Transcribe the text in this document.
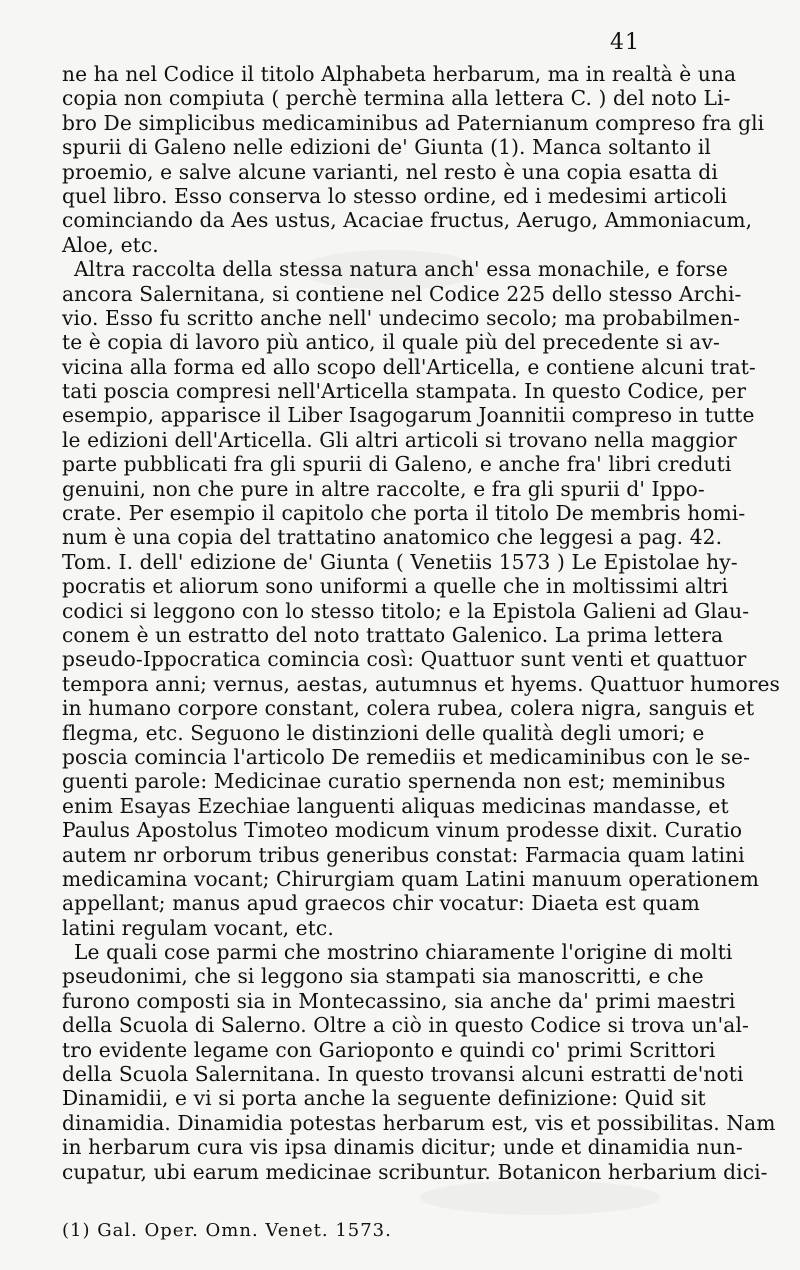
41
ne ha nel Codice il titolo Alphabeta herbarum, ma in realtà è una
copia non compiuta ( perchè termina alla lettera C. ) del noto Li-
bro De simplicibus medicaminibus ad Paternianum compreso fra gli
spurii di Galeno nelle edizioni de' Giunta (1). Manca soltanto il
proemio, e salve alcune varianti, nel resto è una copia esatta di
quel libro. Esso conserva lo stesso ordine, ed i medesimi articoli
cominciando da Aes ustus, Acaciae fructus, Aerugo, Ammoniacum,
Aloe, etc.
Altra raccolta della stessa natura anch' essa monachile, e forse
ancora Salernitana, si contiene nel Codice 225 dello stesso Archi-
vio. Esso fu scritto anche nell' undecimo secolo; ma probabilmen-
te è copia di lavoro più antico, il quale più del precedente si av-
vicina alla forma ed allo scopo dell'Articella, e contiene alcuni trat-
tati poscia compresi nell'Articella stampata. In questo Codice, per
esempio, apparisce il Liber Isagogarum Joannitii compreso in tutte
le edizioni dell'Articella. Gli altri articoli si trovano nella maggior
parte pubblicati fra gli spurii di Galeno, e anche fra' libri creduti
genuini, non che pure in altre raccolte, e fra gli spurii d' Ippo-
crate. Per esempio il capitolo che porta il titolo De membris homi-
num è una copia del trattatino anatomico che leggesi a pag. 42.
Tom. I. dell' edizione de' Giunta ( Venetiis 1573 ) Le Epistolae hy-
pocratis et aliorum sono uniformi a quelle che in moltissimi altri
codici si leggono con lo stesso titolo; e la Epistola Galieni ad Glau-
conem è un estratto del noto trattato Galenico. La prima lettera
pseudo-Ippocratica comincia così: Quattuor sunt venti et quattuor
tempora anni; vernus, aestas, autumnus et hyems. Quattuor humores
in humano corpore constant, colera rubea, colera nigra, sanguis et
flegma, etc. Seguono le distinzioni delle qualità degli umori; e
poscia comincia l'articolo De remediis et medicaminibus con le se-
guenti parole: Medicinae curatio spernenda non est; meminibus
enim Esayas Ezechiae languenti aliquas medicinas mandasse, et
Paulus Apostolus Timoteo modicum vinum prodesse dixit. Curatio
autem nr orborum tribus generibus constat: Farmacia quam latini
medicamina vocant; Chirurgiam quam Latini manuum operationem
appellant; manus apud graecos chir vocatur: Diaeta est quam
latini regulam vocant, etc.
Le quali cose parmi che mostrino chiaramente l'origine di molti
pseudonimi, che si leggono sia stampati sia manoscritti, e che
furono composti sia in Montecassino, sia anche da' primi maestri
della Scuola di Salerno. Oltre a ciò in questo Codice si trova un'al-
tro evidente legame con Garioponto e quindi co' primi Scrittori
della Scuola Salernitana. In questo trovansi alcuni estratti de'noti
Dinamidii, e vi si porta anche la seguente definizione: Quid sit
dinamidia. Dinamidia potestas herbarum est, vis et possibilitas. Nam
in herbarum cura vis ipsa dinamis dicitur; unde et dinamidia nun-
cupatur, ubi earum medicinae scribuntur. Botanicon herbarium dici-
(1) Gal. Oper. Omn. Venet. 1573.
